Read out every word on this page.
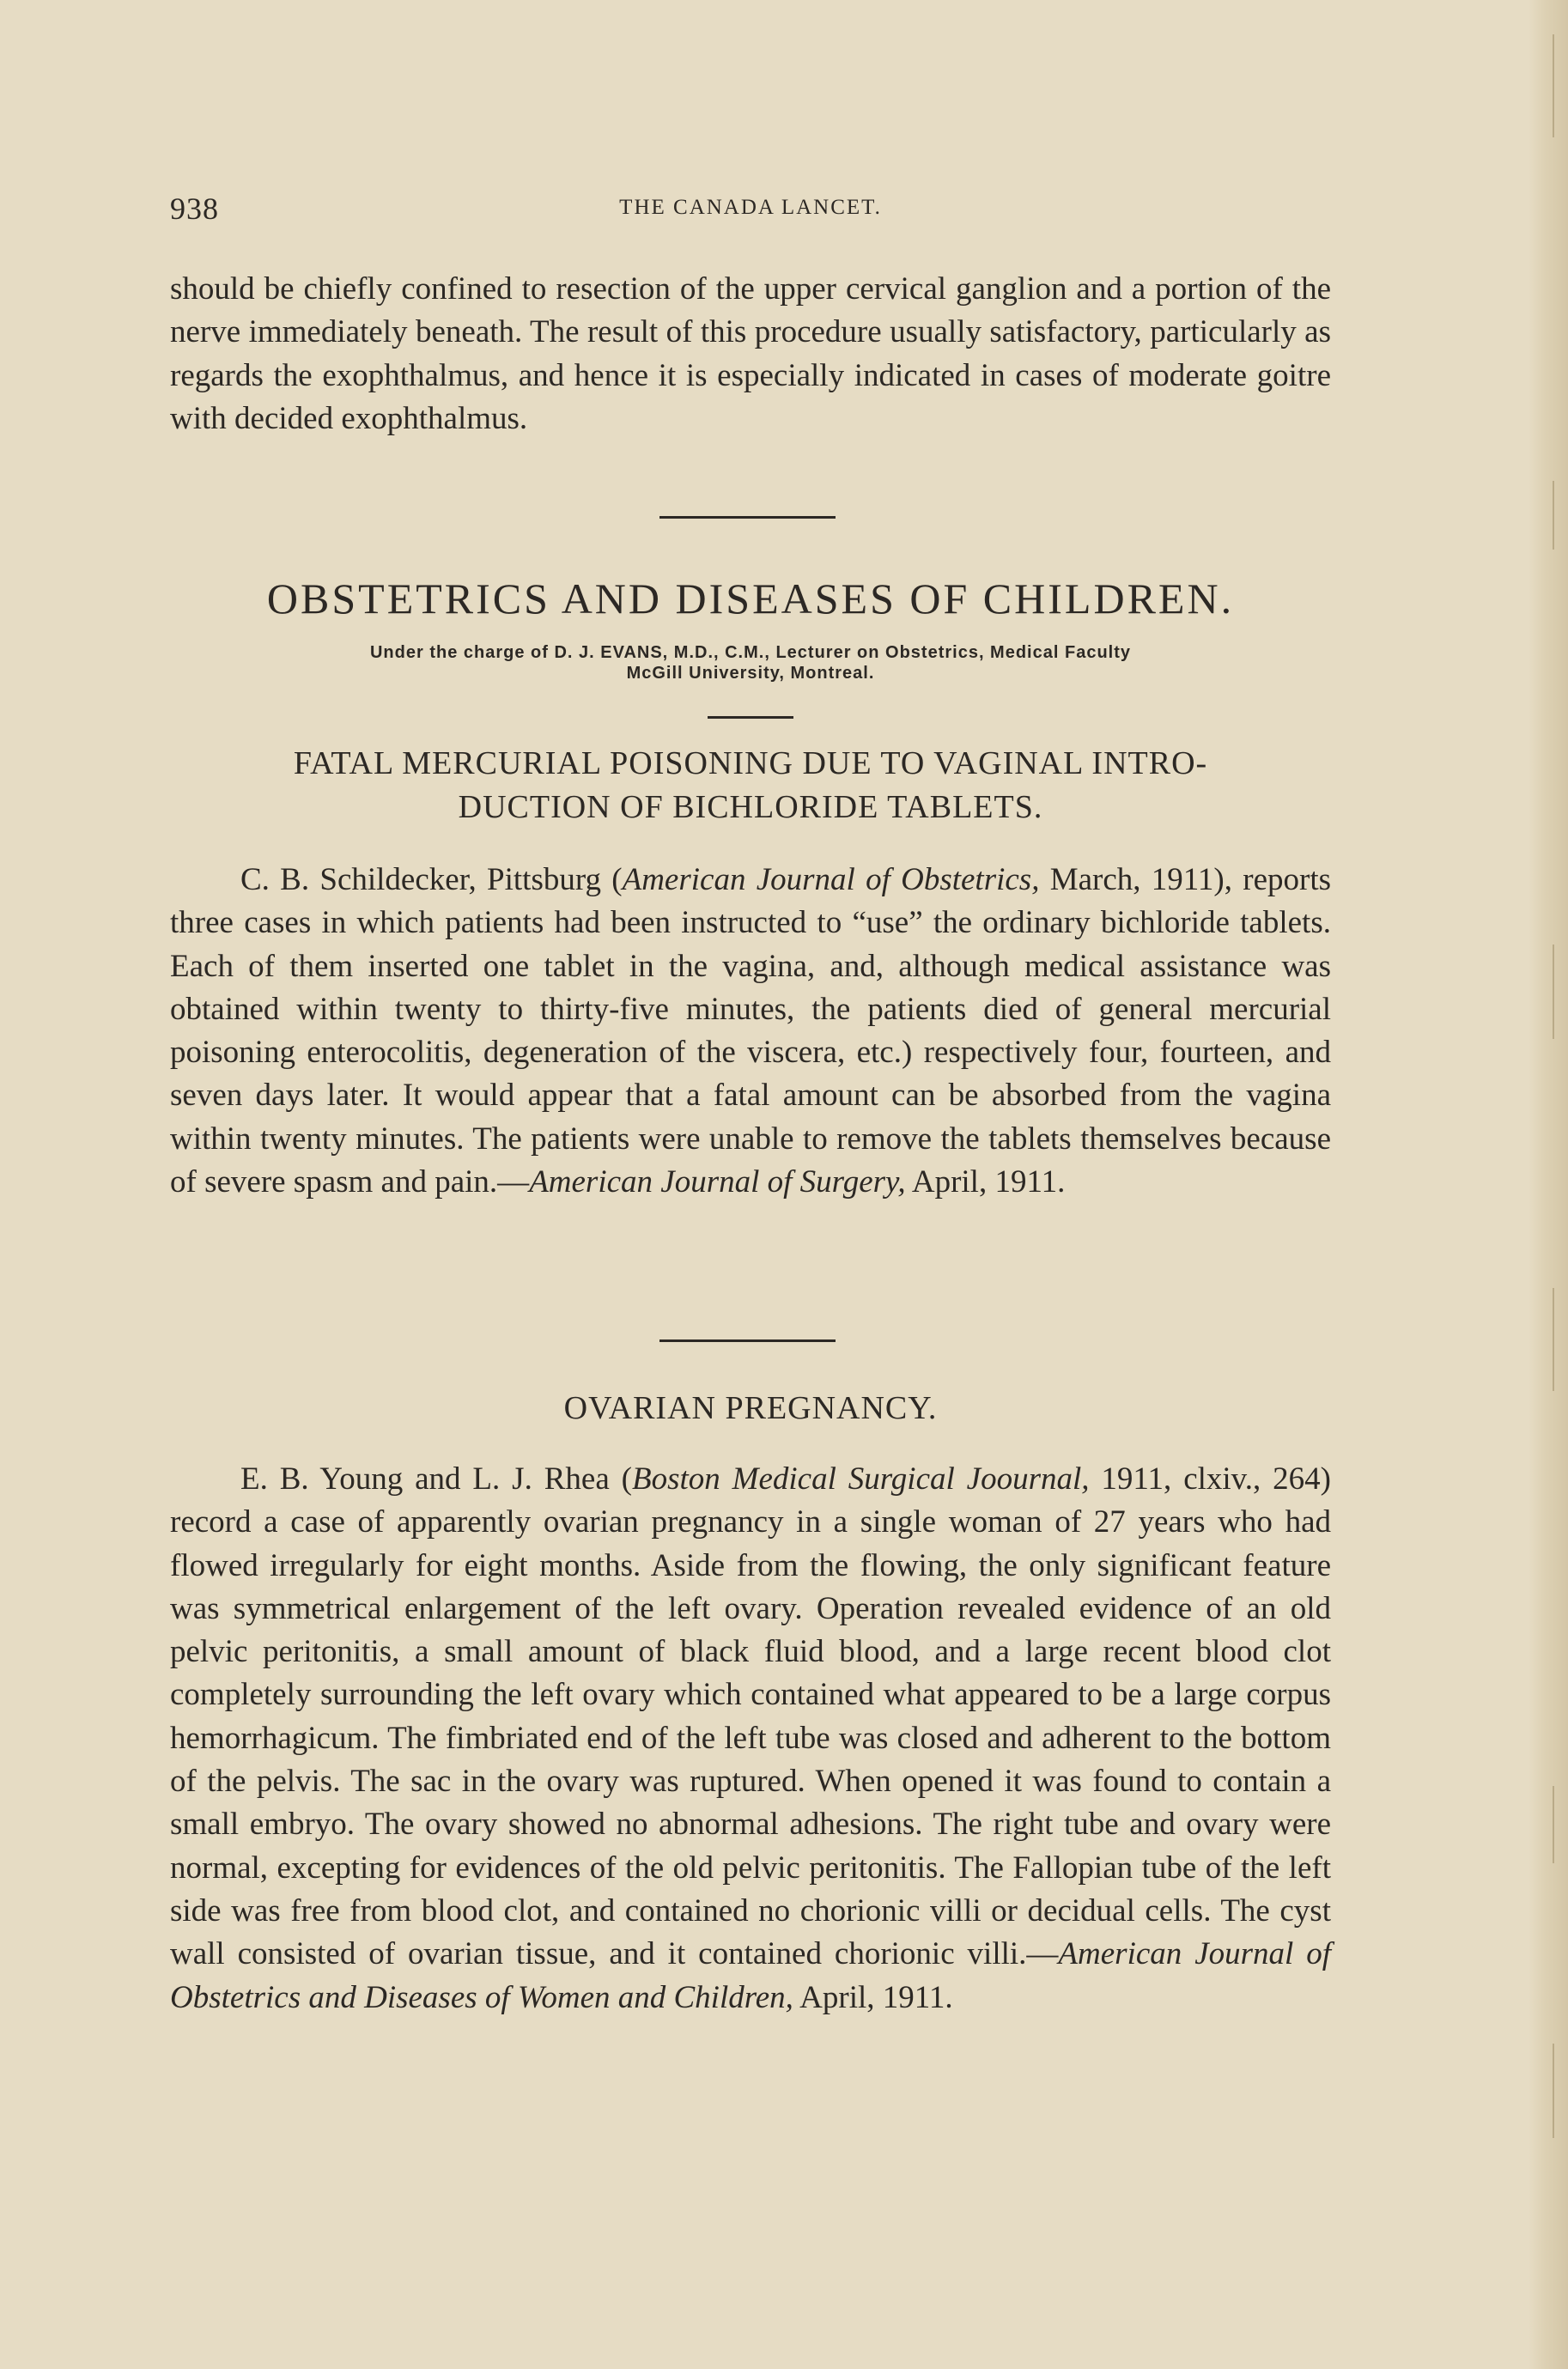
938	THE CANADA LANCET.

should be chiefly confined to resection of the upper cervical ganglion and a portion of the nerve immediately beneath. The result of this procedure usually satisfactory, particularly as regards the exophthalmus, and hence it is especially indicated in cases of moderate goitre with decided exophthalmus.

OBSTETRICS AND DISEASES OF CHILDREN.
Under the charge of D. J. EVANS, M.D., C.M., Lecturer on Obstetrics, Medical Faculty
McGill University, Montreal.
FATAL MERCURIAL POISONING DUE TO VAGINAL INTRO-
DUCTION OF BICHLORIDE TABLETS.

C. B. Schildecker, Pittsburg (American Journal of Obstetrics, March, 1911), reports three cases in which patients had been instructed to “use” the ordinary bichloride tablets. Each of them inserted one tablet in the vagina, and, although medical assistance was obtained within twenty to thirty-five minutes, the patients died of general mercurial poisoning enterocolitis, degeneration of the viscera, etc.) respectively four, fourteen, and seven days later. It would appear that a fatal amount can be absorbed from the vagina within twenty minutes. The patients were unable to remove the tablets themselves because of severe spasm and pain.—American Journal of Surgery, April, 1911.

OVARIAN PREGNANCY.

E. B. Young and L. J. Rhea (Boston Medical Surgical Joournal, 1911, clxiv., 264) record a case of apparently ovarian pregnancy in a single woman of 27 years who had flowed irregularly for eight months. Aside from the flowing, the only significant feature was symmetrical enlargement of the left ovary. Operation revealed evidence of an old pelvic peritonitis, a small amount of black fluid blood, and a large recent blood clot completely surrounding the left ovary which contained what appeared to be a large corpus hemorrhagicum. The fimbriated end of the left tube was closed and adherent to the bottom of the pelvis. The sac in the ovary was ruptured. When opened it was found to contain a small embryo. The ovary showed no abnormal adhesions. The right tube and ovary were normal, excepting for evidences of the old pelvic peritonitis. The Fallopian tube of the left side was free from blood clot, and contained no chorionic villi or decidual cells. The cyst wall consisted of ovarian tissue, and it contained chorionic villi.—American Journal of Obstetrics and Diseases of Women and Children, April, 1911.
